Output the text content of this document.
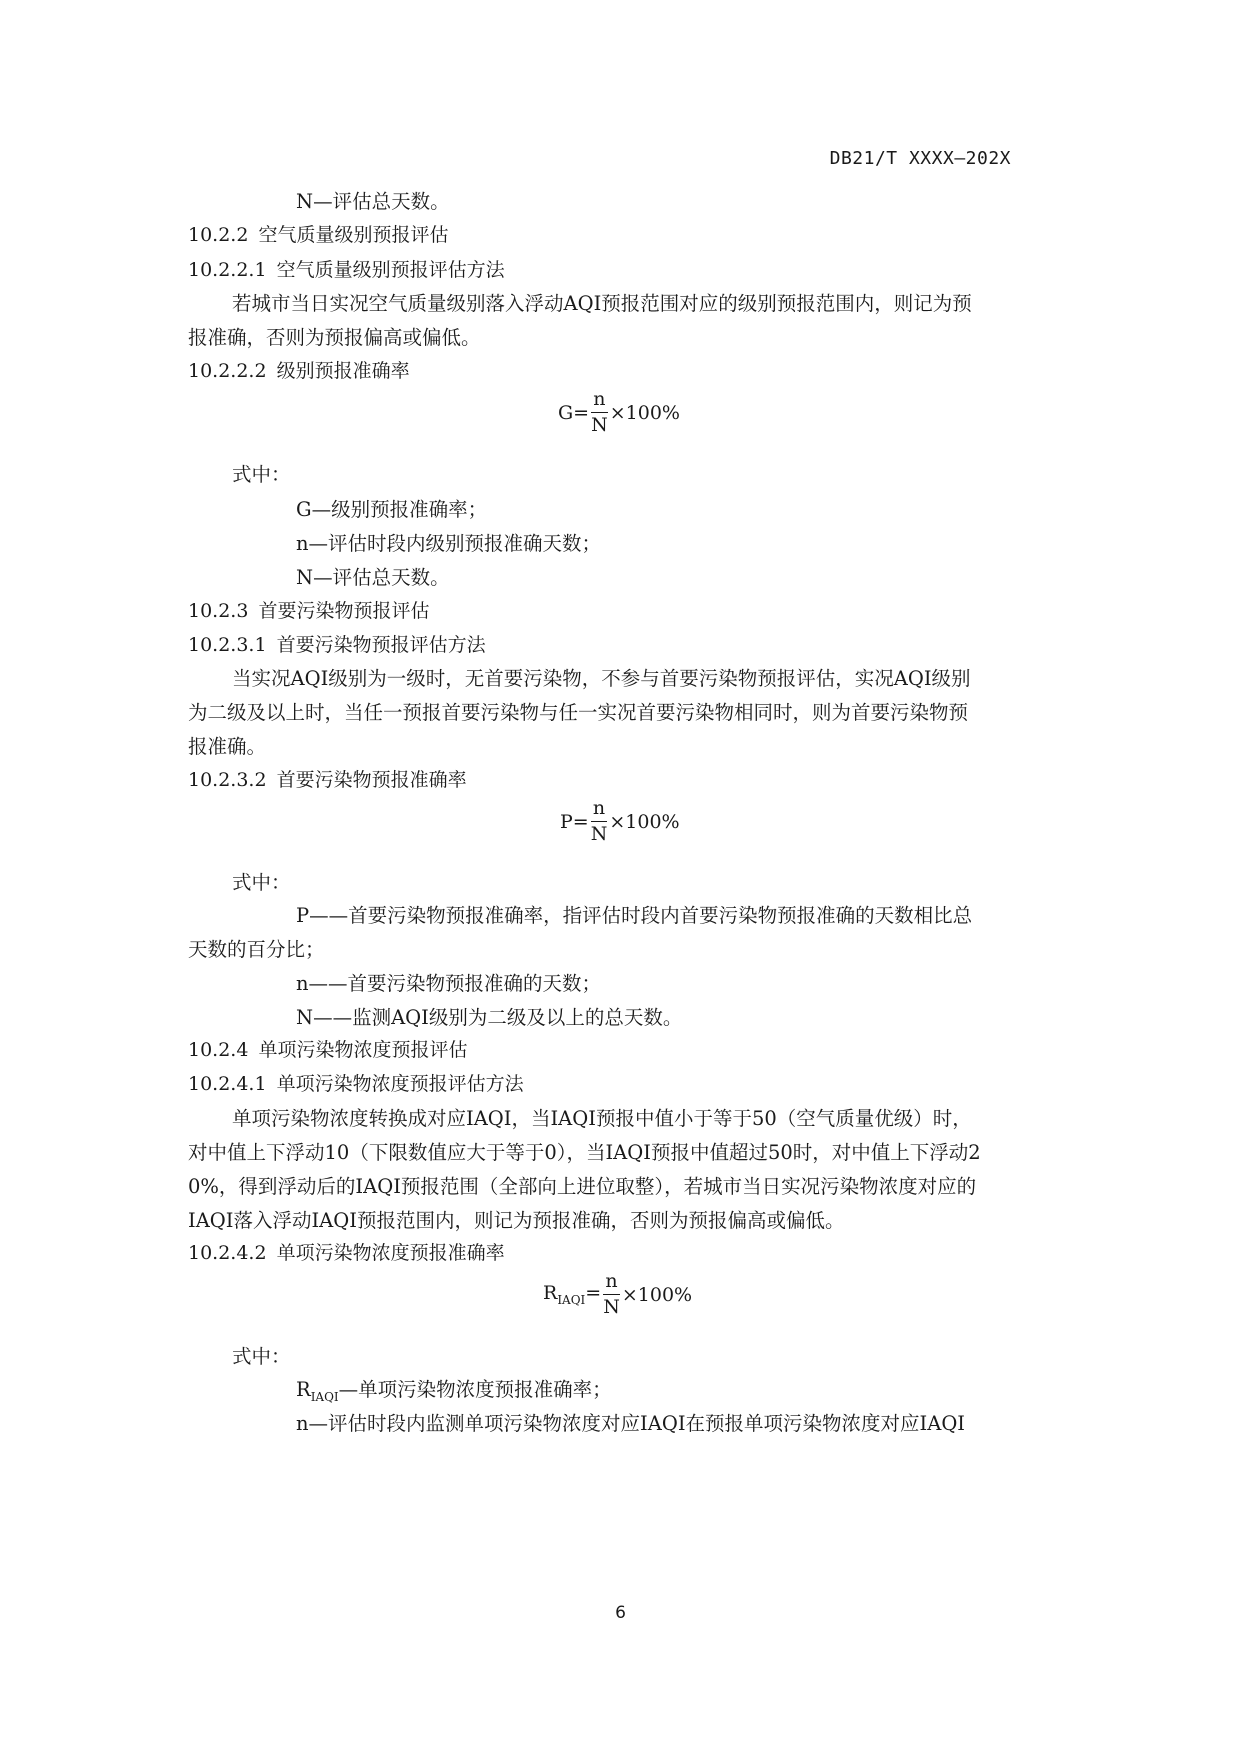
DB21/T XXXX—202X
N—评估总天数。
10.2.2 空气质量级别预报评估
10.2.2.1 空气质量级别预报评估方法
若城市当日实况空气质量级别落入浮动AQI预报范围对应的级别预报范围内，则记为预
报准确，否则为预报偏高或偏低。
10.2.2.2 级别预报准确率
$G= \frac{n}{N} \times 100\%$
式中：
G—级别预报准确率；
n—评估时段内级别预报准确天数；
N—评估总天数。
10.2.3 首要污染物预报评估
10.2.3.1 首要污染物预报评估方法
当实况AQI级别为一级时，无首要污染物，不参与首要污染物预报评估，实况AQI级别
为二级及以上时，当任一预报首要污染物与任一实况首要污染物相同时，则为首要污染物预
报准确。
10.2.3.2 首要污染物预报准确率
$P= \frac{n}{N} \times 100\%$
式中：
P——首要污染物预报准确率，指评估时段内首要污染物预报准确的天数相比总
天数的百分比；
n——首要污染物预报准确的天数；
N——监测AQI级别为二级及以上的总天数。
10.2.4 单项污染物浓度预报评估
10.2.4.1 单项污染物浓度预报评估方法
单项污染物浓度转换成对应IAQI，当IAQI预报中值小于等于50（空气质量优级）时，
对中值上下浮动10（下限数值应大于等于0），当IAQI预报中值超过50时，对中值上下浮动2
0%，得到浮动后的IAQI预报范围（全部向上进位取整），若城市当日实况污染物浓度对应的
IAQI落入浮动IAQI预报范围内，则记为预报准确，否则为预报偏高或偏低。
10.2.4.2 单项污染物浓度预报准确率
$R_{IAQI}= \frac{n}{N} \times 100\%$
式中：
$R_{IAQI}—$单项污染物浓度预报准确率；
n—评估时段内监测单项污染物浓度对应IAQI在预报单项污染物浓度对应IAQI
6
